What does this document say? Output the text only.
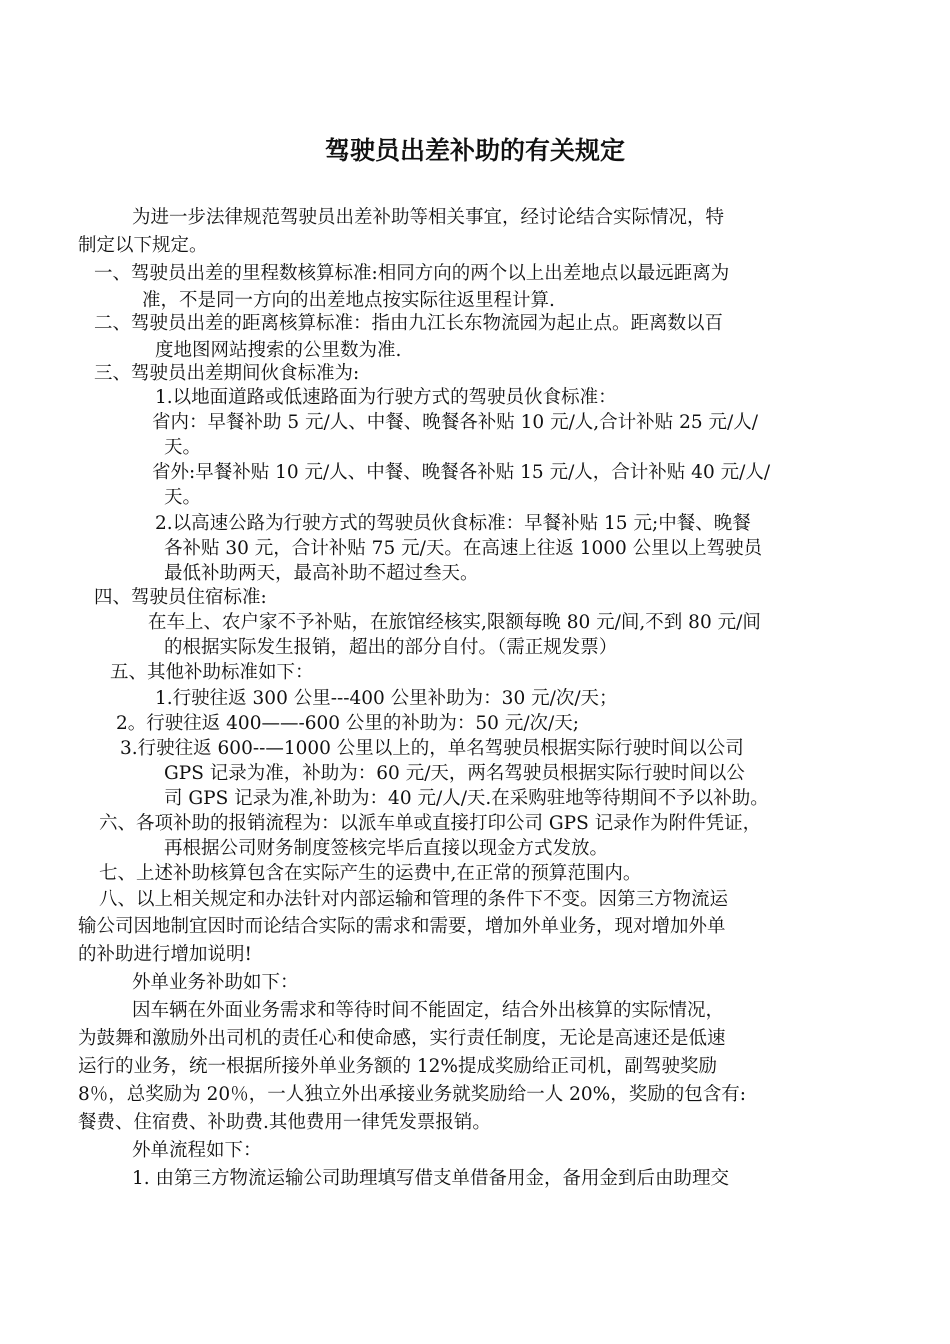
驾驶员出差补助的有关规定
为进一步法律规范驾驶员出差补助等相关事宜，经讨论结合实际情况，特
制定以下规定。
一、驾驶员出差的里程数核算标准:相同方向的两个以上出差地点以最远距离为
准，不是同一方向的出差地点按实际往返里程计算.
二、驾驶员出差的距离核算标准：指由九江长东物流园为起止点。距离数以百
度地图网站搜索的公里数为准.
三、驾驶员出差期间伙食标准为:
1.以地面道路或低速路面为行驶方式的驾驶员伙食标准：
省内：早餐补助 5 元/人、中餐、晚餐各补贴 10 元/人,合计补贴 25 元/人/
天。
省外:早餐补贴 10 元/人、中餐、晚餐各补贴 15 元/人，合计补贴 40 元/人/
天。
2.以高速公路为行驶方式的驾驶员伙食标准：早餐补贴 15 元;中餐、晚餐
各补贴 30 元，合计补贴 75 元/天。在高速上往返 1000 公里以上驾驶员
最低补助两天，最高补助不超过叁天。
四、驾驶员住宿标准:
在车上、农户家不予补贴，在旅馆经核实,限额每晚 80 元/间,不到 80 元/间
的根据实际发生报销，超出的部分自付。（需正规发票）
五、其他补助标准如下：
1.行驶往返 300 公里---400 公里补助为：30 元/次/天；
2。行驶往返 400——-600 公里的补助为：50 元/次/天;
3.行驶往返 600--—1000 公里以上的，单名驾驶员根据实际行驶时间以公司
GPS 记录为准，补助为：60 元/天，两名驾驶员根据实际行驶时间以公
司 GPS 记录为准,补助为：40 元/人/天.在采购驻地等待期间不予以补助。
六、各项补助的报销流程为：以派车单或直接打印公司 GPS 记录作为附件凭证，
再根据公司财务制度签核完毕后直接以现金方式发放。
七、上述补助核算包含在实际产生的运费中,在正常的预算范围内。
八、以上相关规定和办法针对内部运输和管理的条件下不变。因第三方物流运
输公司因地制宜因时而论结合实际的需求和需要，增加外单业务，现对增加外单
的补助进行增加说明!
外单业务补助如下：
因车辆在外面业务需求和等待时间不能固定，结合外出核算的实际情况，
为鼓舞和激励外出司机的责任心和使命感，实行责任制度，无论是高速还是低速
运行的业务，统一根据所接外单业务额的 12%提成奖励给正司机，副驾驶奖励
8％，总奖励为 20％，一人独立外出承接业务就奖励给一人 20%，奖励的包含有:
餐费、住宿费、补助费.其他费用一律凭发票报销。
外单流程如下：
1. 由第三方物流运输公司助理填写借支单借备用金，备用金到后由助理交
